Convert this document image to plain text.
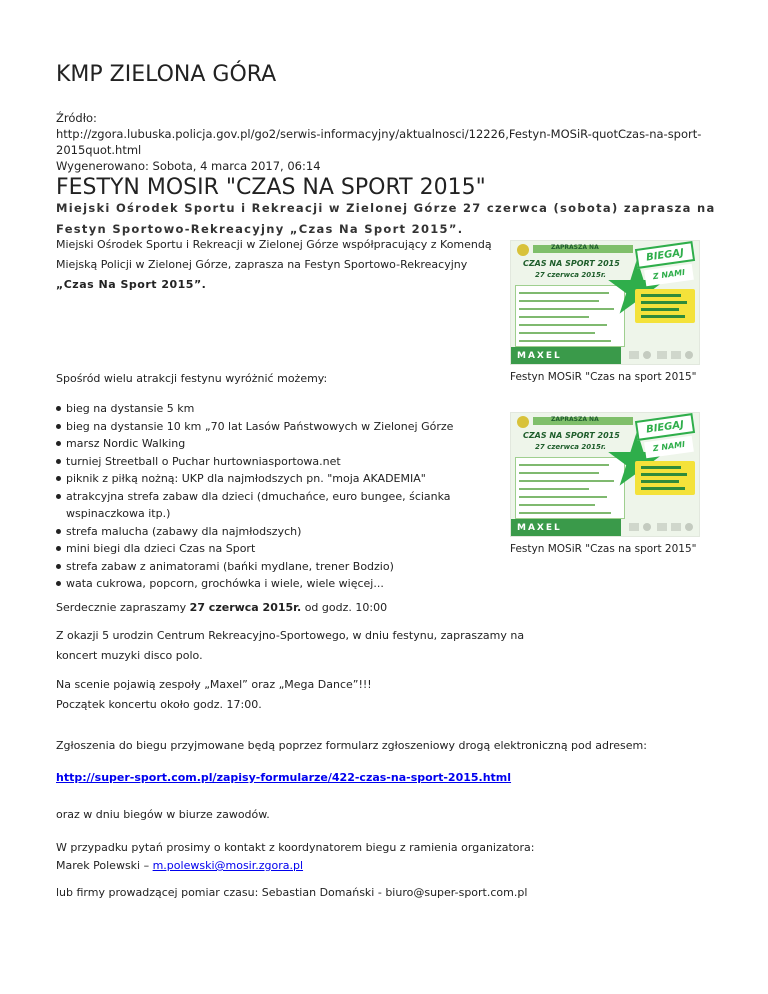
KMP ZIELONA GÓRA
Źródło:
http://zgora.lubuska.policja.gov.pl/go2/serwis-informacyjny/aktualnosci/12226,Festyn-MOSiR-quotCzas-na-sport-2015quot.html
Wygenerowano: Sobota, 4 marca 2017, 06:14
FESTYN MOSIR "CZAS NA SPORT 2015"
Miejski Ośrodek Sportu i Rekreacji w Zielonej Górze 27 czerwca (sobota) zaprasza na Festyn Sportowo-Rekreacyjny „Czas Na Sport 2015”.
Miejski Ośrodek Sportu i Rekreacji w Zielonej Górze współpracujący z Komendą Miejską Policji w Zielonej Górze, zaprasza na Festyn Sportowo-Rekreacyjny „Czas Na Sport 2015”.
Spośród wielu atrakcji festynu wyróżnić możemy:
bieg na dystansie 5 km
bieg na dystansie 10 km „70 lat Lasów Państwowych w Zielonej Górze
marsz Nordic Walking
turniej Streetball o Puchar hurtowniasportowa.net
piknik z piłką nożną: UKP dla najmłodszych pn. "moja AKADEMIA"
atrakcyjna strefa zabaw dla dzieci (dmuchańce, euro bungee, ścianka wspinaczkowa itp.)
strefa malucha (zabawy dla najmłodszych)
mini biegi dla dzieci Czas na Sport
strefa zabaw z animatorami (bańki mydlane, trener Bodzio)
wata cukrowa, popcorn, grochówka i wiele, wiele więcej...
ZAPRASZA NA
CZAS NA SPORT 2015
27 czerwca 2015r.
BIEGAJ
Z NAMI
MAXEL
Festyn MOSiR "Czas na sport 2015"
ZAPRASZA NA
CZAS NA SPORT 2015
27 czerwca 2015r.
BIEGAJ
Z NAMI
MAXEL
Festyn MOSiR "Czas na sport 2015"
Serdecznie zapraszamy 27 czerwca 2015r. od godz. 10:00
Z okazji 5 urodzin Centrum Rekreacyjno-Sportowego, w dniu festynu, zapraszamy na koncert muzyki disco polo.
Na scenie pojawią zespoły „Maxel” oraz „Mega Dance”!!!
Początek koncertu około godz. 17:00.
Zgłoszenia do biegu przyjmowane będą poprzez formularz zgłoszeniowy drogą elektroniczną pod adresem:
http://super-sport.com.pl/zapisy-formularze/422-czas-na-sport-2015.html
oraz w dniu biegów w biurze zawodów.
W przypadku pytań prosimy o kontakt z koordynatorem biegu z ramienia organizatora:
Marek Polewski – m.polewski@mosir.zgora.pl
lub firmy prowadzącej pomiar czasu: Sebastian Domański - biuro@super-sport.com.pl
